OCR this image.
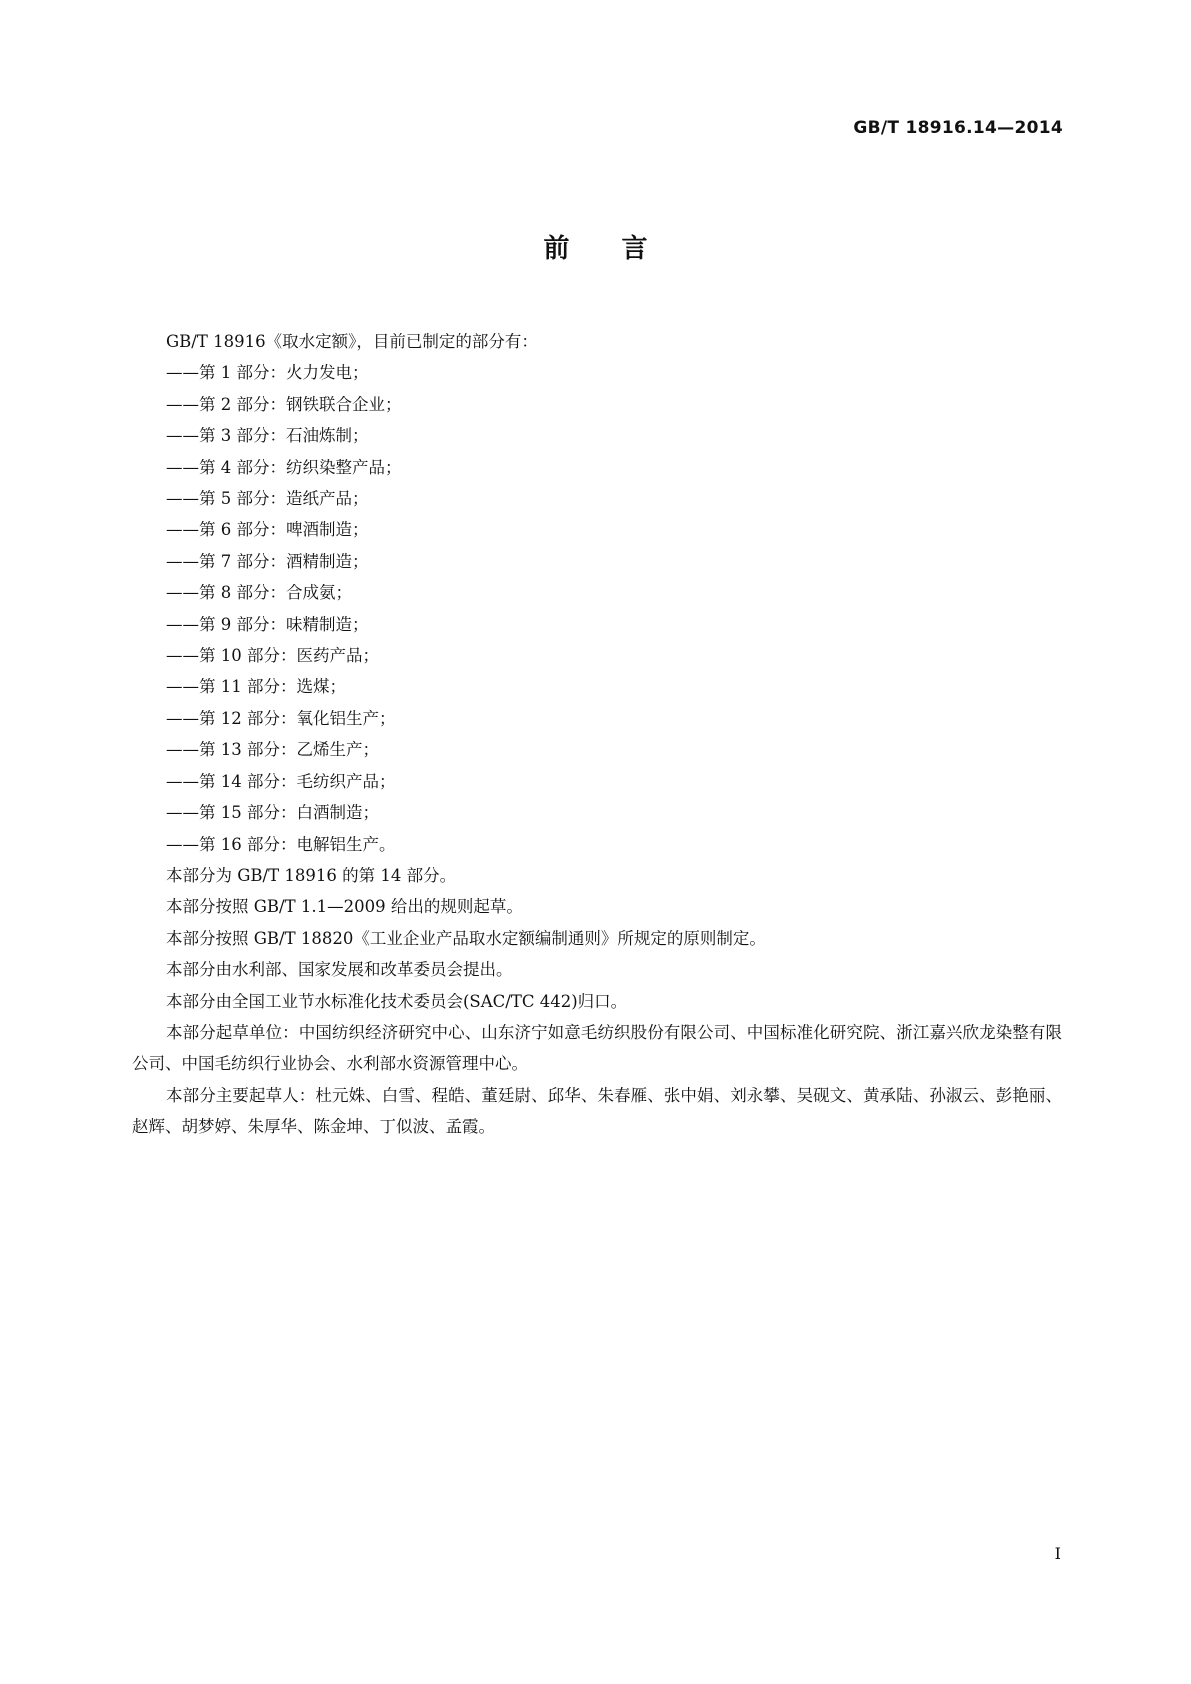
GB/T 18916.14—2014
前言

GB/T 18916《取水定额》，目前已制定的部分有：

——第 1 部分：火力发电；
——第 2 部分：钢铁联合企业；
——第 3 部分：石油炼制；
——第 4 部分：纺织染整产品；
——第 5 部分：造纸产品；
——第 6 部分：啤酒制造；
——第 7 部分：酒精制造；
——第 8 部分：合成氨；
——第 9 部分：味精制造；
——第 10 部分：医药产品；
——第 11 部分：选煤；
——第 12 部分：氧化铝生产；
——第 13 部分：乙烯生产；
——第 14 部分：毛纺织产品；
——第 15 部分：白酒制造；
——第 16 部分：电解铝生产。

本部分为 GB/T 18916 的第 14 部分。

本部分按照 GB/T 1.1—2009 给出的规则起草。

本部分按照 GB/T 18820《工业企业产品取水定额编制通则》所规定的原则制定。

本部分由水利部、国家发展和改革委员会提出。

本部分由全国工业节水标准化技术委员会(SAC/TC 442)归口。

本部分起草单位：中国纺织经济研究中心、山东济宁如意毛纺织股份有限公司、中国标准化研究院、浙江嘉兴欣龙染整有限公司、中国毛纺织行业协会、水利部水资源管理中心。

本部分主要起草人：杜元姝、白雪、程皓、董廷尉、邱华、朱春雁、张中娟、刘永攀、吴砚文、黄承陆、孙淑云、彭艳丽、赵辉、胡梦婷、朱厚华、陈金坤、丁似波、孟霞。

I
